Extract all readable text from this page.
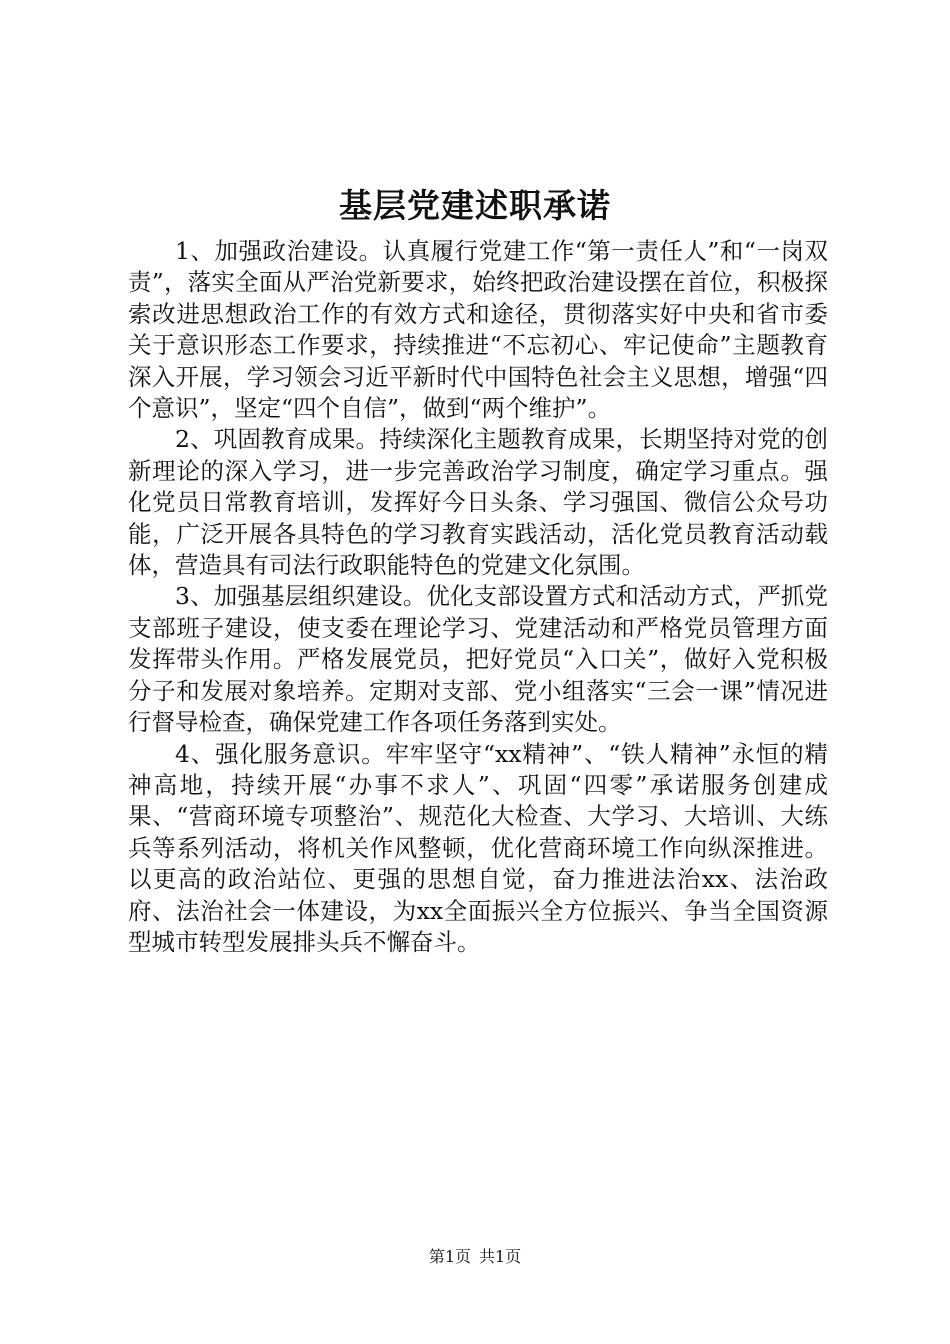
基层党建述职承诺

1、加强政治建设。认真履行党建工作“第一责任人”和“一岗双责”，落实全面从严治党新要求，始终把政治建设摆在首位，积极探索改进思想政治工作的有效方式和途径，贯彻落实好中央和省市委关于意识形态工作要求，持续推进“不忘初心、牢记使命”主题教育深入开展，学习领会习近平新时代中国特色社会主义思想，增强“四个意识”，坚定“四个自信”，做到“两个维护”。

2、巩固教育成果。持续深化主题教育成果，长期坚持对党的创新理论的深入学习，进一步完善政治学习制度，确定学习重点。强化党员日常教育培训，发挥好今日头条、学习强国、微信公众号功能，广泛开展各具特色的学习教育实践活动，活化党员教育活动载体，营造具有司法行政职能特色的党建文化氛围。

3、加强基层组织建设。优化支部设置方式和活动方式，严抓党支部班子建设，使支委在理论学习、党建活动和严格党员管理方面发挥带头作用。严格发展党员，把好党员“入口关”，做好入党积极分子和发展对象培养。定期对支部、党小组落实“三会一课”情况进行督导检查，确保党建工作各项任务落到实处。

4、强化服务意识。牢牢坚守“xx精神”、“铁人精神”永恒的精神高地，持续开展“办事不求人”、巩固“四零”承诺服务创建成果、“营商环境专项整治”、规范化大检查、大学习、大培训、大练兵等系列活动，将机关作风整顿，优化营商环境工作向纵深推进。以更高的政治站位、更强的思想自觉，奋力推进法治xx、法治政府、法治社会一体建设，为xx全面振兴全方位振兴、争当全国资源型城市转型发展排头兵不懈奋斗。

第1页 共1页
